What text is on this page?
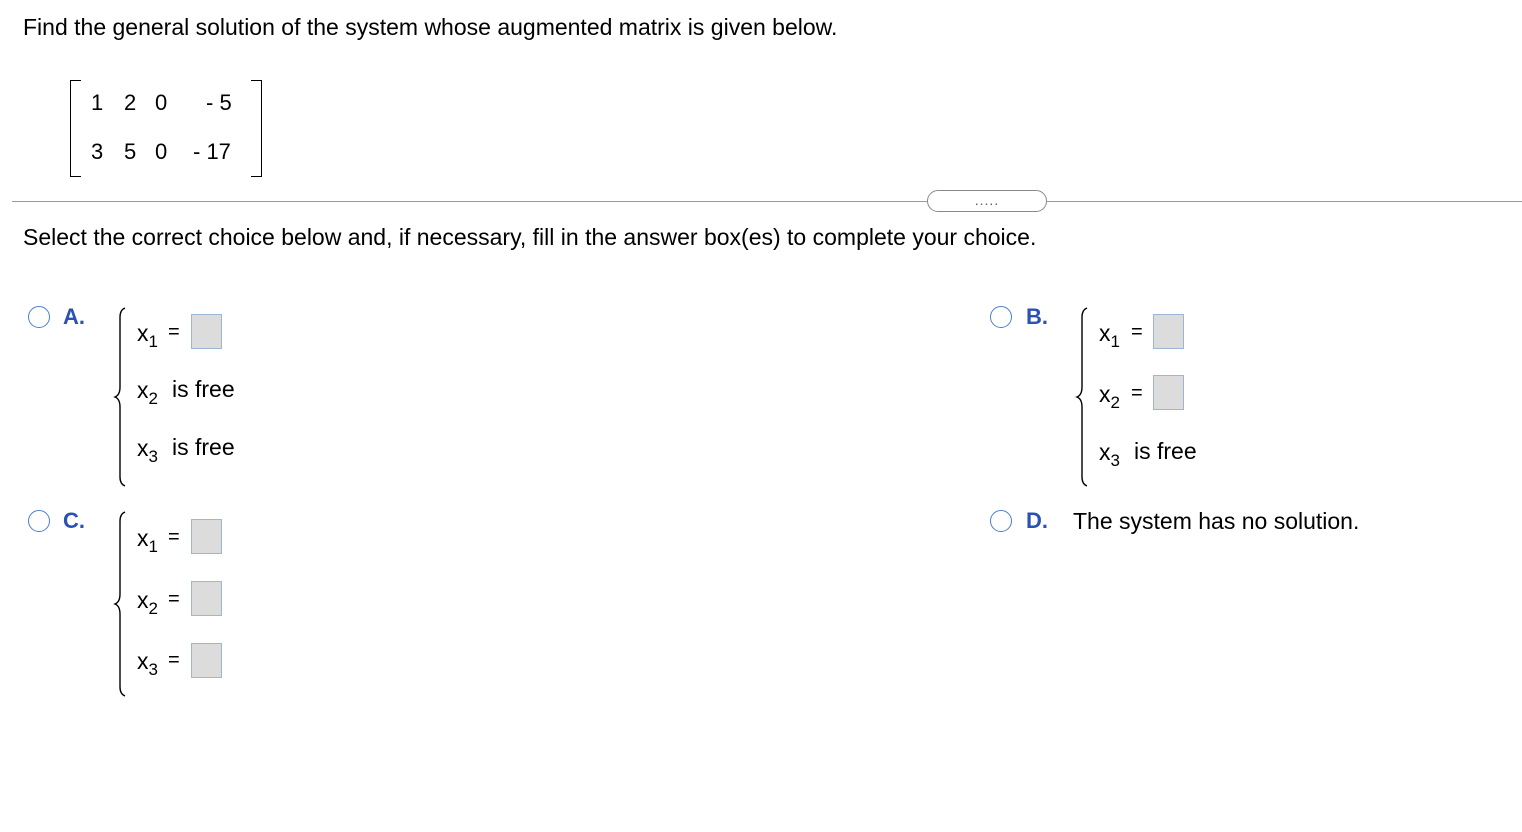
Find the general solution of the system whose augmented matrix is given below.
1 2 0 - 5
3 5 0 - 17
.....
Select the correct choice below and, if necessary, fill in the answer box(es) to complete your choice.
A.
$x_1$ =
$x_2$ is free
$x_3$ is free
B.
$x_1$ =
$x_2$ =
$x_3$ is free
C.
$x_1$ =
$x_2$ =
$x_3$ =
D. The system has no solution.
